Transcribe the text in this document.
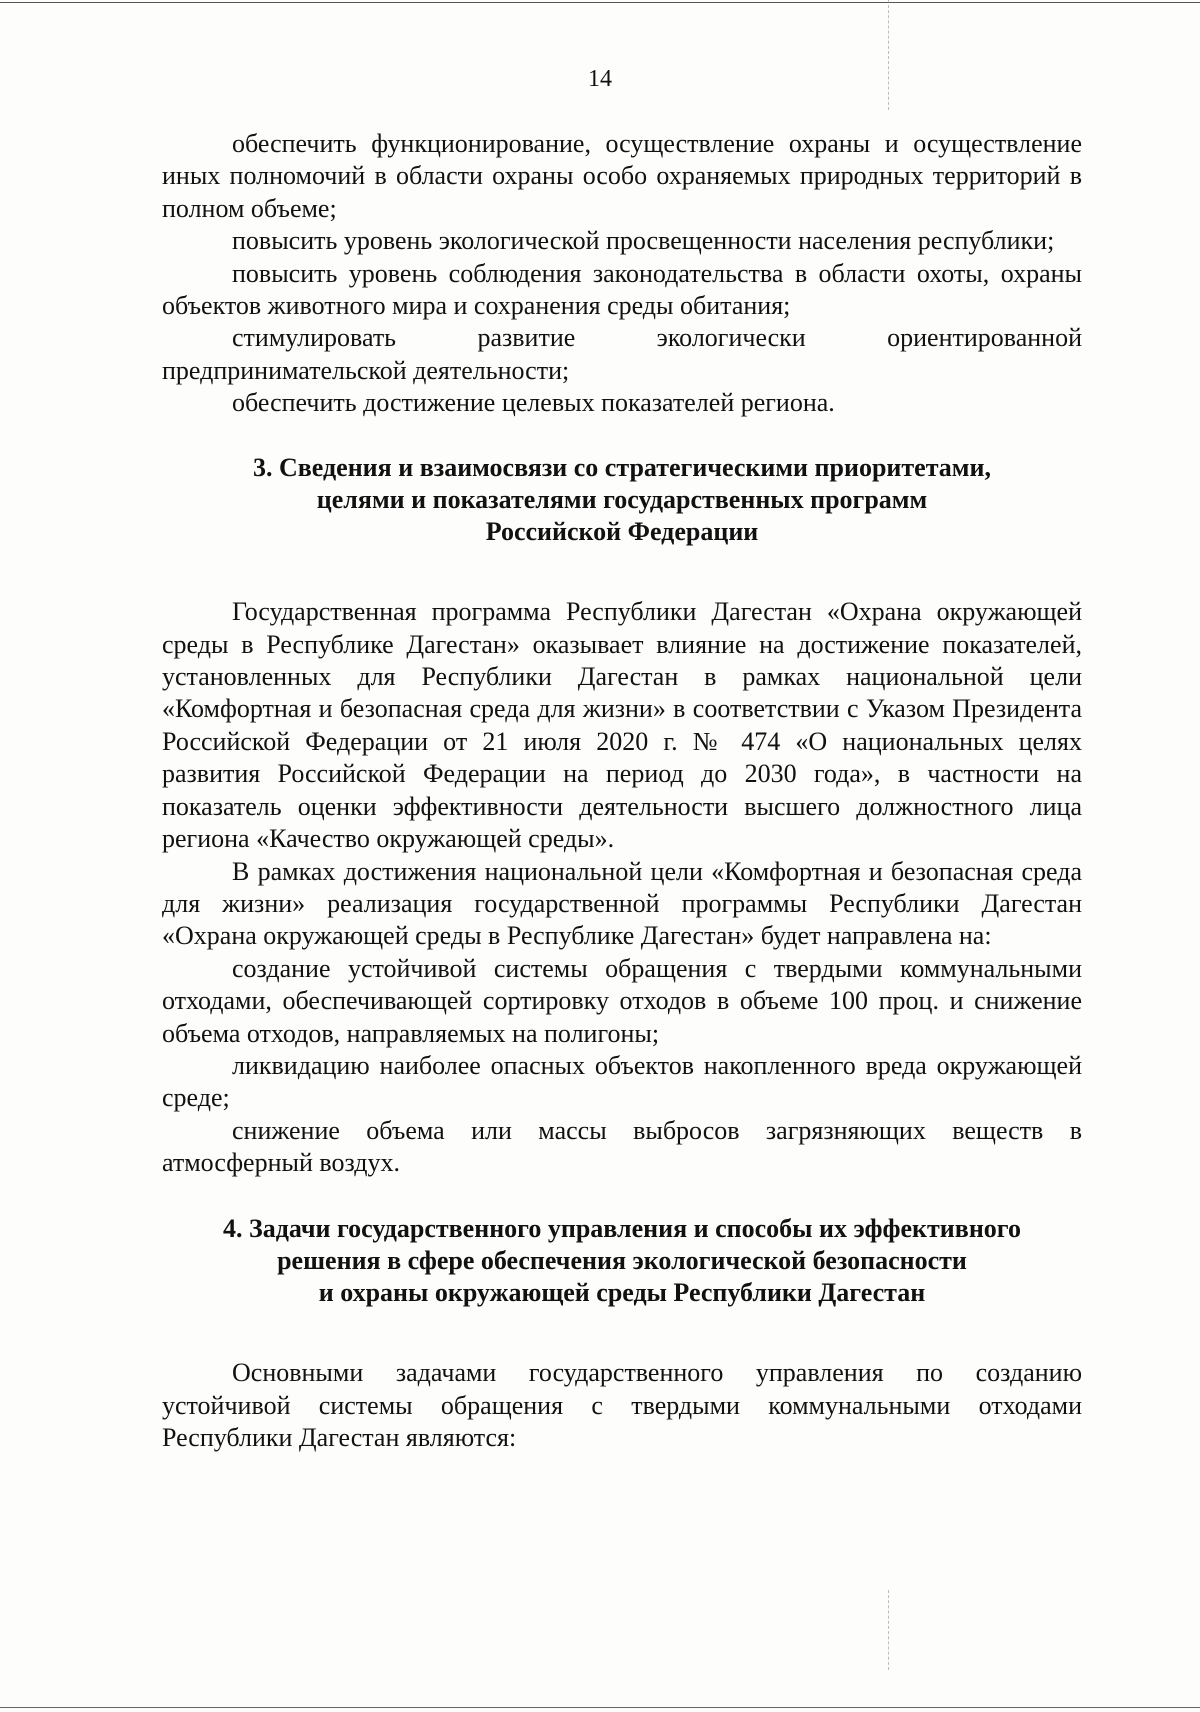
14

обеспечить функционирование, осуществление охраны и осуществление иных полномочий в области охраны особо охраняемых природных территорий в полном объеме;

повысить уровень экологической просвещенности населения республики;

повысить уровень соблюдения законодательства в области охоты, охраны объектов животного мира и сохранения среды обитания;

стимулировать развитие экологически ориентированной предпринимательской деятельности;

обеспечить достижение целевых показателей региона.

3. Сведения и взаимосвязи со стратегическими приоритетами,
целями и показателями государственных программ
Российской Федерации

Государственная программа Республики Дагестан «Охрана окружающей среды в Республике Дагестан» оказывает влияние на достижение показателей, установленных для Республики Дагестан в рамках национальной цели «Комфортная и безопасная среда для жизни» в соответствии с Указом Президента Российской Федерации от 21 июля 2020 г. № 474 «О национальных целях развития Российской Федерации на период до 2030 года», в частности на показатель оценки эффективности деятельности высшего должностного лица региона «Качество окружающей среды».

В рамках достижения национальной цели «Комфортная и безопасная среда для жизни» реализация государственной программы Республики Дагестан «Охрана окружающей среды в Республике Дагестан» будет направлена на:

создание устойчивой системы обращения с твердыми коммунальными отходами, обеспечивающей сортировку отходов в объеме 100 проц. и снижение объема отходов, направляемых на полигоны;

ликвидацию наиболее опасных объектов накопленного вреда окружающей среде;

снижение объема или массы выбросов загрязняющих веществ в атмосферный воздух.

4. Задачи государственного управления и способы их эффективного
решения в сфере обеспечения экологической безопасности
и охраны окружающей среды Республики Дагестан

Основными задачами государственного управления по созданию устойчивой системы обращения с твердыми коммунальными отходами Республики Дагестан являются:
